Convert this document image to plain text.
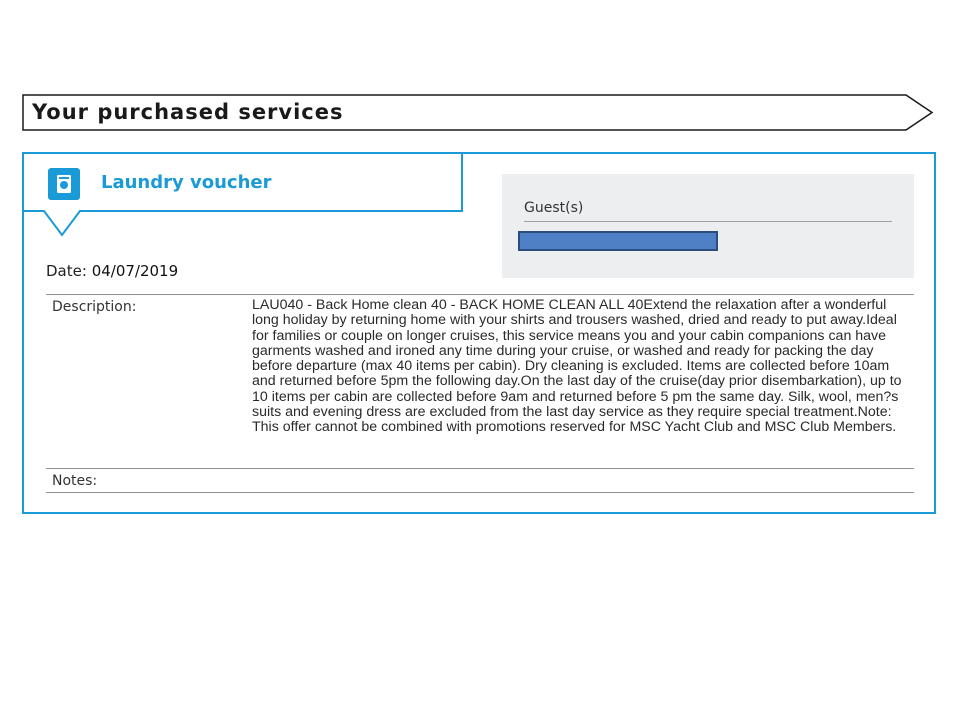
Your purchased services
Laundry voucher
Guest(s)
Date: 04/07/2019
Description:	LAU040 - Back Home clean 40 - BACK HOME CLEAN ALL 40Extend the relaxation after a wonderful long holiday by returning home with your shirts and trousers washed, dried and ready to put away.Ideal for families or couple on longer cruises, this service means you and your cabin companions can have garments washed and ironed any time during your cruise, or washed and ready for packing the day before departure (max 40 items per cabin). Dry cleaning is excluded. Items are collected before 10am and returned before 5pm the following day.On the last day of the cruise(day prior disembarkation), up to 10 items per cabin are collected before 9am and returned before 5 pm the same day. Silk, wool, men?s suits and evening dress are excluded from the last day service as they require special treatment.Note: This offer cannot be combined with promotions reserved for MSC Yacht Club and MSC Club Members.
Notes:
